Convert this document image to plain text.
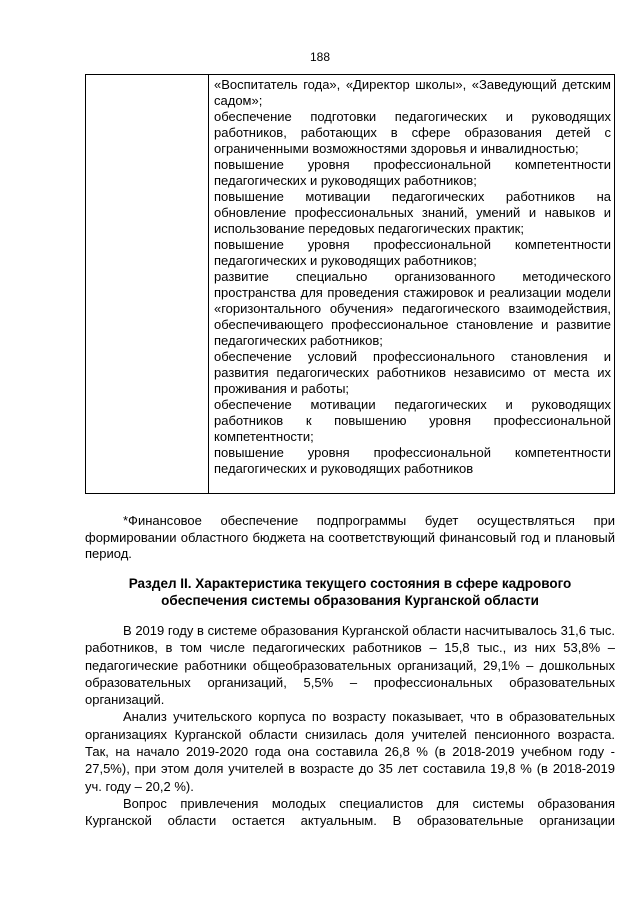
188
«Воспитатель года», «Директор школы», «Заведующий детским садом»;
обеспечение подготовки педагогических и руководящих работников, работающих в сфере образования детей с ограниченными возможностями здоровья и инвалидностью;
повышение уровня профессиональной компетентности педагогических и руководящих работников;
повышение мотивации педагогических работников на обновление профессиональных знаний, умений и навыков и использование передовых педагогических практик;
повышение уровня профессиональной компетентности педагогических и руководящих работников;
развитие специально организованного методического пространства для проведения стажировок и реализации модели «горизонтального обучения» педагогического взаимодействия, обеспечивающего профессиональное становление и развитие педагогических работников;
обеспечение условий профессионального становления и развития педагогических работников независимо от места их проживания и работы;
обеспечение мотивации педагогических и руководящих работников к повышению уровня профессиональной компетентности;
повышение уровня профессиональной компетентности педагогических и руководящих работников
*Финансовое обеспечение подпрограммы будет осуществляться при формировании областного бюджета на соответствующий финансовый год и плановый период.
Раздел II. Характеристика текущего состояния в сфере кадрового
обеспечения системы образования Курганской области

В 2019 году в системе образования Курганской области насчитывалось 31,6 тыс. работников, в том числе педагогических работников – 15,8 тыс., из них 53,8% – педагогические работники общеобразовательных организаций, 29,1% – дошкольных образовательных организаций, 5,5% – профессиональных образовательных организаций.

Анализ учительского корпуса по возрасту показывает, что в образовательных организациях Курганской области снизилась доля учителей пенсионного возраста. Так, на начало 2019-2020 года она составила 26,8 % (в 2018-2019 учебном году - 27,5%), при этом доля учителей в возрасте до 35 лет составила 19,8 % (в 2018-2019 уч. году – 20,2 %).

Вопрос привлечения молодых специалистов для системы образования Курганской области остается актуальным. В образовательные организации
